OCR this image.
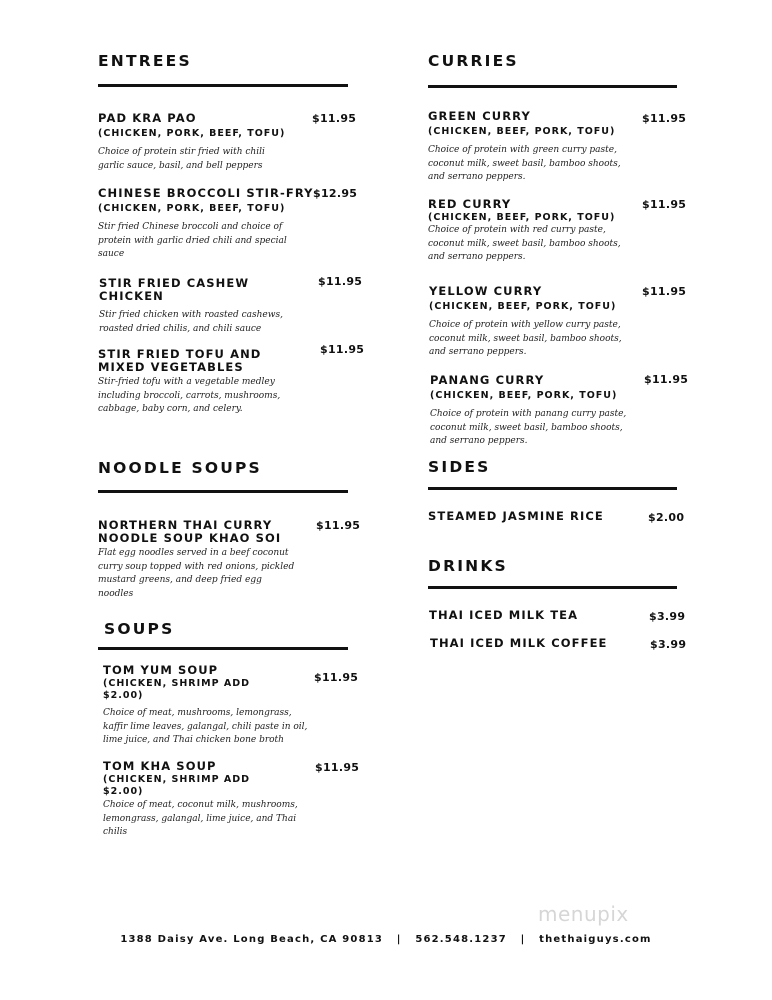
ENTREES
PAD KRA PAO
(CHICKEN, PORK, BEEF, TOFU)
Choice of protein stir fried with chili garlic sauce, basil, and bell peppers
$11.95
CHINESE BROCCOLI STIR-FRY
(CHICKEN, PORK, BEEF, TOFU)
Stir fried Chinese broccoli and choice of protein with garlic dried chili and special sauce
$12.95
STIR FRIED CASHEW
CHICKEN
Stir fried chicken with roasted cashews, roasted dried chilis, and chili sauce
$11.95
STIR FRIED TOFU AND
MIXED VEGETABLES
Stir-fried tofu with a vegetable medley including broccoli, carrots, mushrooms, cabbage, baby corn, and celery.
$11.95
NOODLE SOUPS
NORTHERN THAI CURRY
NOODLE SOUP KHAO SOI
Flat egg noodles served in a beef coconut curry soup topped with red onions, pickled mustard greens, and deep fried egg noodles
$11.95
SOUPS
TOM YUM SOUP
(CHICKEN, SHRIMP ADD
$2.00)
Choice of meat, mushrooms, lemongrass, kaffir lime leaves, galangal, chili paste in oil, lime juice, and Thai chicken bone broth
$11.95
TOM KHA SOUP
(CHICKEN, SHRIMP ADD
$2.00)
Choice of meat, coconut milk, mushrooms, lemongrass, galangal, lime juice, and Thai chilis
$11.95
CURRIES
GREEN CURRY
(CHICKEN, BEEF, PORK, TOFU)
Choice of protein with green curry paste, coconut milk, sweet basil, bamboo shoots, and serrano peppers.
$11.95
RED CURRY
(CHICKEN, BEEF, PORK, TOFU)
Choice of protein with red curry paste, coconut milk, sweet basil, bamboo shoots, and serrano peppers.
$11.95
YELLOW CURRY
(CHICKEN, BEEF, PORK, TOFU)
Choice of protein with yellow curry paste, coconut milk, sweet basil, bamboo shoots, and serrano peppers.
$11.95
PANANG CURRY
(CHICKEN, BEEF, PORK, TOFU)
Choice of protein with panang curry paste, coconut milk, sweet basil, bamboo shoots, and serrano peppers.
$11.95
SIDES
STEAMED JASMINE RICE	$2.00
DRINKS
THAI ICED MILK TEA	$3.99
THAI ICED MILK COFFEE	$3.99
menupix
1388 Daisy Ave. Long Beach, CA 90813 | 562.548.1237 | thethaiguys.com
